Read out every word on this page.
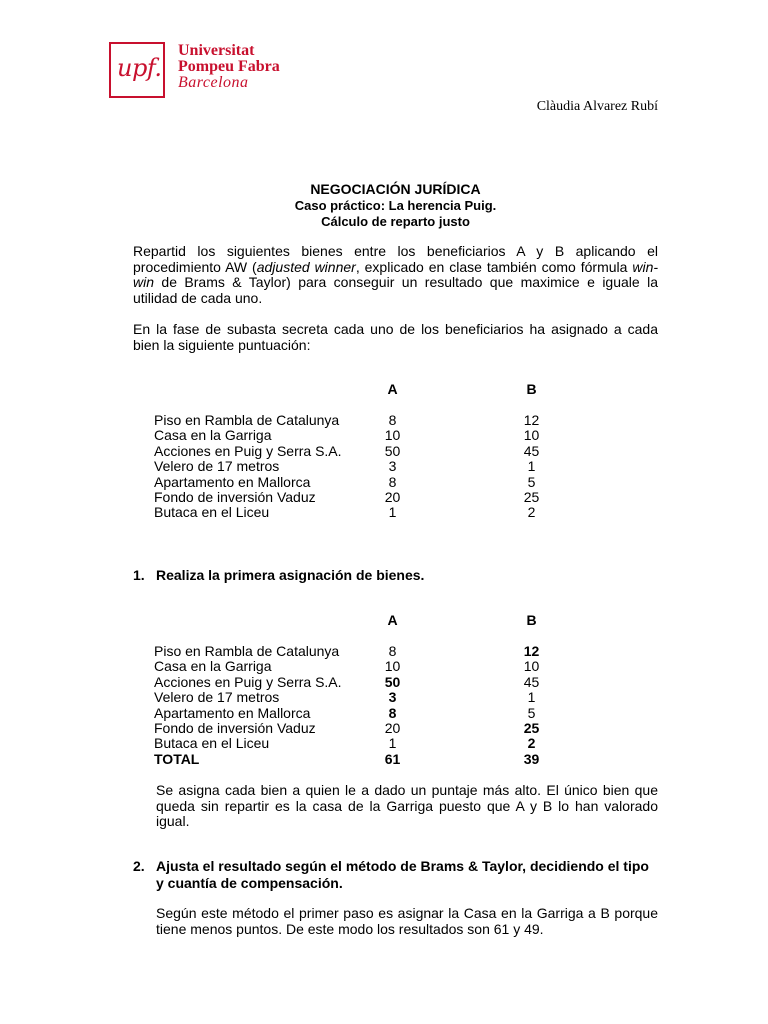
upf.
Universitat
Pompeu Fabra
Barcelona
Clàudia Alvarez Rubí
NEGOCIACIÓN JURÍDICA
Caso práctico: La herencia Puig.
Cálculo de reparto justo
Repartid los siguientes bienes entre los beneficiarios A y B aplicando el procedimiento AW (adjusted winner, explicado en clase también como fórmula win-win de Brams & Taylor) para conseguir un resultado que maximice e iguale la utilidad de cada uno.
En la fase de subasta secreta cada uno de los beneficiarios ha asignado a cada bien la siguiente puntuación:
	A		B

Piso en Rambla de Catalunya	8		12
Casa en la Garriga	10		10
Acciones en Puig y Serra S.A.	50		45
Velero de 17 metros	3		1
Apartamento en Mallorca	8		5
Fondo de inversión Vaduz	20		25
Butaca en el Liceu	1		2
1. Realiza la primera asignación de bienes.
	A		B

Piso en Rambla de Catalunya	8		12
Casa en la Garriga	10		10
Acciones en Puig y Serra S.A.	50		45
Velero de 17 metros	3		1
Apartamento en Mallorca	8		5
Fondo de inversión Vaduz	20		25
Butaca en el Liceu	1		2
TOTAL	61		39
Se asigna cada bien a quien le a dado un puntaje más alto. El único bien que queda sin repartir es la casa de la Garriga puesto que A y B lo han valorado igual.
2. Ajusta el resultado según el método de Brams & Taylor, decidiendo el tipo y cuantía de compensación.
Según este método el primer paso es asignar la Casa en la Garriga a B porque tiene menos puntos. De este modo los resultados son 61 y 49.
